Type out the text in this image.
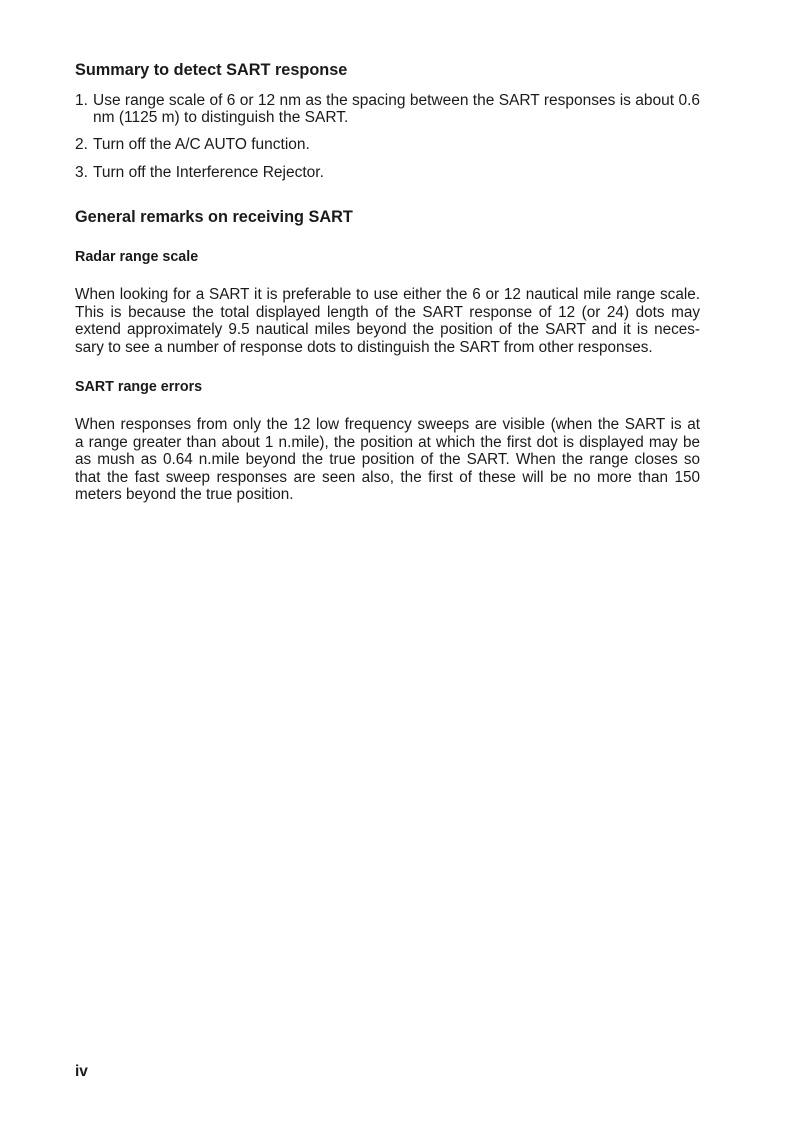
Summary to detect SART response
1. Use range scale of 6 or 12 nm as the spacing between the SART responses is about 0.6 nm (1125 m) to distinguish the SART.
2. Turn off the A/C AUTO function.
3. Turn off the Interference Rejector.
General remarks on receiving SART
Radar range scale
When looking for a SART it is preferable to use either the 6 or 12 nautical mile range scale.
This is because the total displayed length of the SART response of 12 (or 24) dots may
extend approximately 9.5 nautical miles beyond the position of the SART and it is neces-
sary to see a number of response dots to distinguish the SART from other responses.
SART range errors
When responses from only the 12 low frequency sweeps are visible (when the SART is at
a range greater than about 1 n.mile), the position at which the first dot is displayed may be
as mush as 0.64 n.mile beyond the true position of the SART. When the range closes so
that the fast sweep responses are seen also, the first of these will be no more than 150
meters beyond the true position.
iv
